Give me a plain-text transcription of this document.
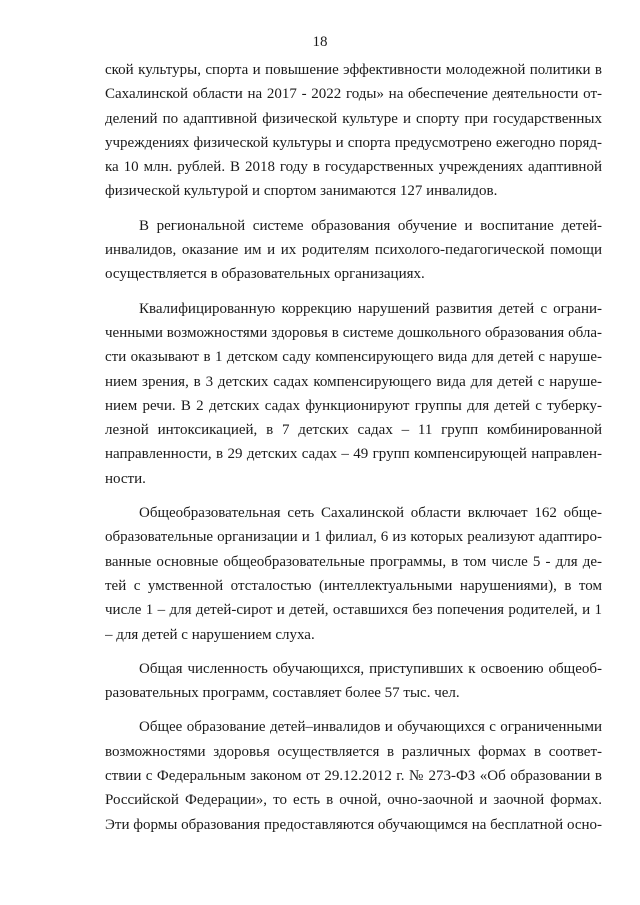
18
ской культуры, спорта и повышение эффективности молодежной политики в
Сахалинской области на 2017 - 2022 годы» на обеспечение деятельности от-
делений по адаптивной физической культуре и спорту при государственных
учреждениях физической культуры и спорта предусмотрено ежегодно поряд-
ка 10 млн. рублей. В 2018 году в государственных учреждениях адаптивной
физической культурой и спортом занимаются 127 инвалидов.
В региональной системе образования обучение и воспитание детей-
инвалидов, оказание им и их родителям психолого-педагогической помощи
осуществляется в образовательных организациях.
Квалифицированную коррекцию нарушений развития детей с ограни-
ченными возможностями здоровья в системе дошкольного образования обла-
сти оказывают в 1 детском саду компенсирующего вида для детей с наруше-
нием зрения, в 3 детских садах компенсирующего вида для детей с наруше-
нием речи. В 2 детских садах функционируют группы для детей с туберку-
лезной интоксикацией, в 7 детских садах – 11 групп комбинированной
направленности, в 29 детских садах – 49 групп компенсирующей направлен-
ности.
Общеобразовательная сеть Сахалинской области включает 162 обще-
образовательные организации и 1 филиал, 6 из которых реализуют адаптиро-
ванные основные общеобразовательные программы, в том числе 5 - для де-
тей с умственной отсталостью (интеллектуальными нарушениями), в том
числе 1 – для детей-сирот и детей, оставшихся без попечения родителей, и 1
– для детей с нарушением слуха.
Общая численность обучающихся, приступивших к освоению общеоб-
разовательных программ, составляет более 57 тыс. чел.
Общее образование детей–инвалидов и обучающихся с ограниченными
возможностями здоровья осуществляется в различных формах в соответ-
ствии с Федеральным законом от 29.12.2012 г. № 273-ФЗ «Об образовании в
Российской Федерации», то есть в очной, очно-заочной и заочной формах.
Эти формы образования предоставляются обучающимся на бесплатной осно-
